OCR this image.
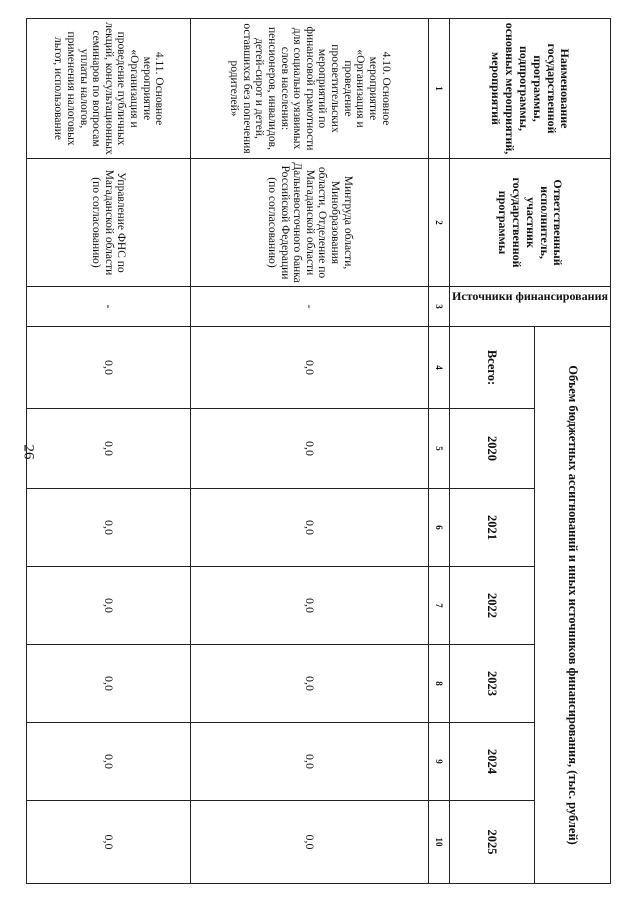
26
Наименование государственной программы, подпрограммы, основных мероприятий, мероприятий	Ответственный исполнитель, участник государственной программы	Источники финансирования	Объем бюджетных ассигнований и иных источников финансирования, (тыс. рублей)						
			Всего:	2020	2021	2022	2023	2024	2025
1	2	3	4	5	6	7	8	9	10
4.10. Основное мероприятие «Организация и проведение просветительских мероприятий по финансовой грамотности для социально уязвимых слоев населения: пенсионеров, инвалидов, детей-сирот и детей, оставшихся без попечения родителей»	Минтруда области, Минобразования области, Отделение по Магаданской области Дальневосточного банка Российской Федерации (по согласованию)	-	0,0	0,0	0,0	0,0	0,0	0,0	0,0
4.11. Основное мероприятие «Организация и проведение публичных лекций, консультационных семинаров по вопросам уплаты налогов, применения налоговых льгот, использование	Управление ФНС по Магаданской области (по согласованию)	-	0,0	0,0	0,0	0,0	0,0	0,0	0,0
